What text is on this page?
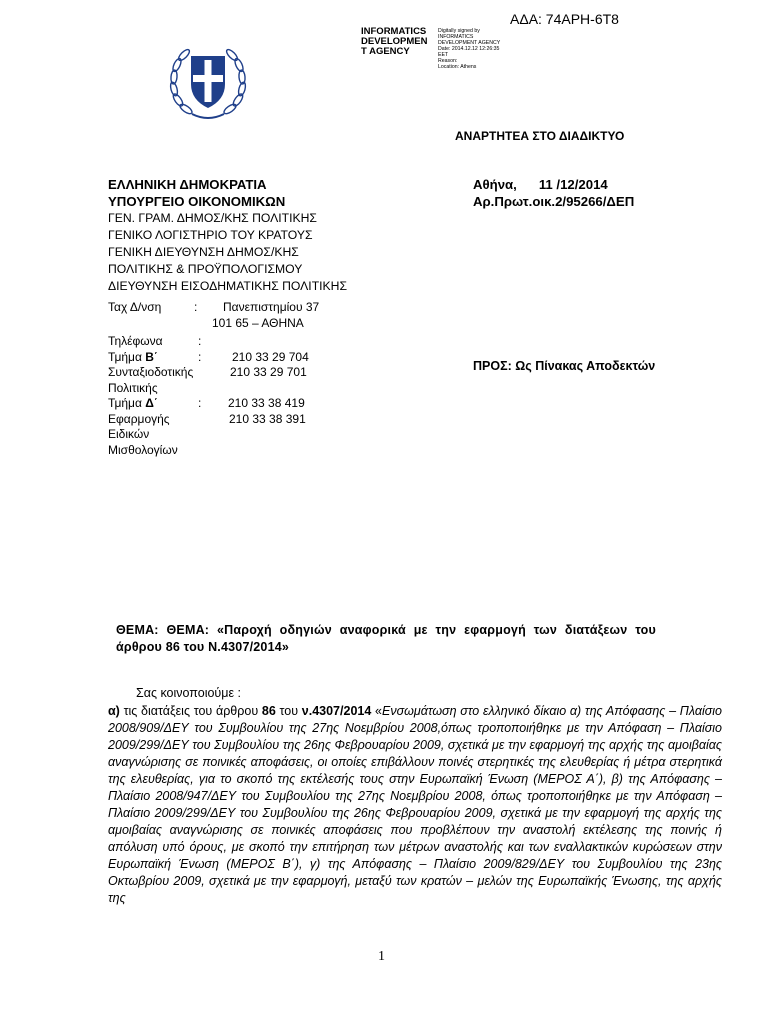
ΑΔΑ: 74ΑΡΗ-6Τ8
INFORMATICS
DEVELOPMEN
T AGENCY
Digitally signed by
INFORMATICS
DEVELOPMENT AGENCY
Date: 2014.12.12 12:26:35
EET
Reason:
Location: Athens
ΑΝΑΡΤΗΤΕΑ ΣΤΟ ΔΙΑΔΙΚΤΥΟ
ΕΛΛΗΝΙΚΗ ΔΗΜΟΚΡΑΤΙΑ
ΥΠΟΥΡΓΕΙΟ ΟΙΚΟΝΟΜΙΚΩΝ
ΓΕΝ. ΓΡΑΜ. ΔΗΜΟΣ/ΚΗΣ ΠΟΛΙΤΙΚΗΣ
ΓΕΝΙΚΟ ΛΟΓΙΣΤΗΡΙΟ ΤΟΥ ΚΡΑΤΟΥΣ
ΓΕΝΙΚΗ ΔΙΕΥΘΥΝΣΗ ΔΗΜΟΣ/ΚΗΣ
ΠΟΛΙΤΙΚΗΣ & ΠΡΟΫΠΟΛΟΓΙΣΜΟΥ
ΔΙΕΥΘΥΝΣΗ ΕΙΣΟΔΗΜΑΤΙΚΗΣ ΠΟΛΙΤΙΚΗΣ
Αθήνα, 11 /12/2014
Αρ.Πρωτ.οικ.2/95266/ΔΕΠ
Ταχ Δ/νση	: Πανεπιστημίου 37
101 65 – ΑΘΗΝΑ
Τηλέφωνα	:
Τμήμα Β΄	:	210 33 29 704
Συνταξιοδοτικής	210 33 29 701
Πολιτικής
Τμήμα Δ΄	: 210 33 38 419
Εφαρμογής	210 33 38 391
Ειδικών
Μισθολογίων
ΠΡΟΣ: Ως Πίνακας Αποδεκτών
ΘΕΜΑ: ΘΕΜΑ: «Παροχή οδηγιών αναφορικά με την εφαρμογή των διατάξεων του άρθρου 86 του Ν.4307/2014»
Σας κοινοποιούμε :
α) τις διατάξεις του άρθρου 86 του ν.4307/2014 «Ενσωμάτωση στο ελληνικό δίκαιο α) της Απόφασης – Πλαίσιο 2008/909/ΔΕΥ του Συμβουλίου της 27ης Νοεμβρίου 2008,όπως τροποποιήθηκε με την Απόφαση – Πλαίσιο 2009/299/ΔΕΥ του Συμβουλίου της 26ης Φεβρουαρίου 2009, σχετικά με την εφαρμογή της αρχής της αμοιβαίας αναγνώρισης σε ποινικές αποφάσεις, οι οποίες επιβάλλουν ποινές στερητικές της ελευθερίας ή μέτρα στερητικά της ελευθερίας, για το σκοπό της εκτέλεσής τους στην Ευρωπαϊκή Ένωση (ΜΕΡΟΣ Α΄), β) της Απόφασης –Πλαίσιο 2008/947/ΔΕΥ του Συμβουλίου της 27ης Νοεμβρίου 2008, όπως τροποποιήθηκε με την Απόφαση – Πλαίσιο 2009/299/ΔΕΥ του Συμβουλίου της 26ης Φεβρουαρίου 2009, σχετικά με την εφαρμογή της αρχής της αμοιβαίας αναγνώρισης σε ποινικές αποφάσεις που προβλέπουν την αναστολή εκτέλεσης της ποινής ή απόλυση υπό όρους, με σκοπό την επιτήρηση των μέτρων αναστολής και των εναλλακτικών κυρώσεων στην Ευρωπαϊκή Ένωση (ΜΕΡΟΣ Β΄), γ) της Απόφασης – Πλαίσιο 2009/829/ΔΕΥ του Συμβουλίου της 23ης Οκτωβρίου 2009, σχετικά με την εφαρμογή, μεταξύ των κρατών – μελών της Ευρωπαϊκής Ένωσης, της αρχής της
1
